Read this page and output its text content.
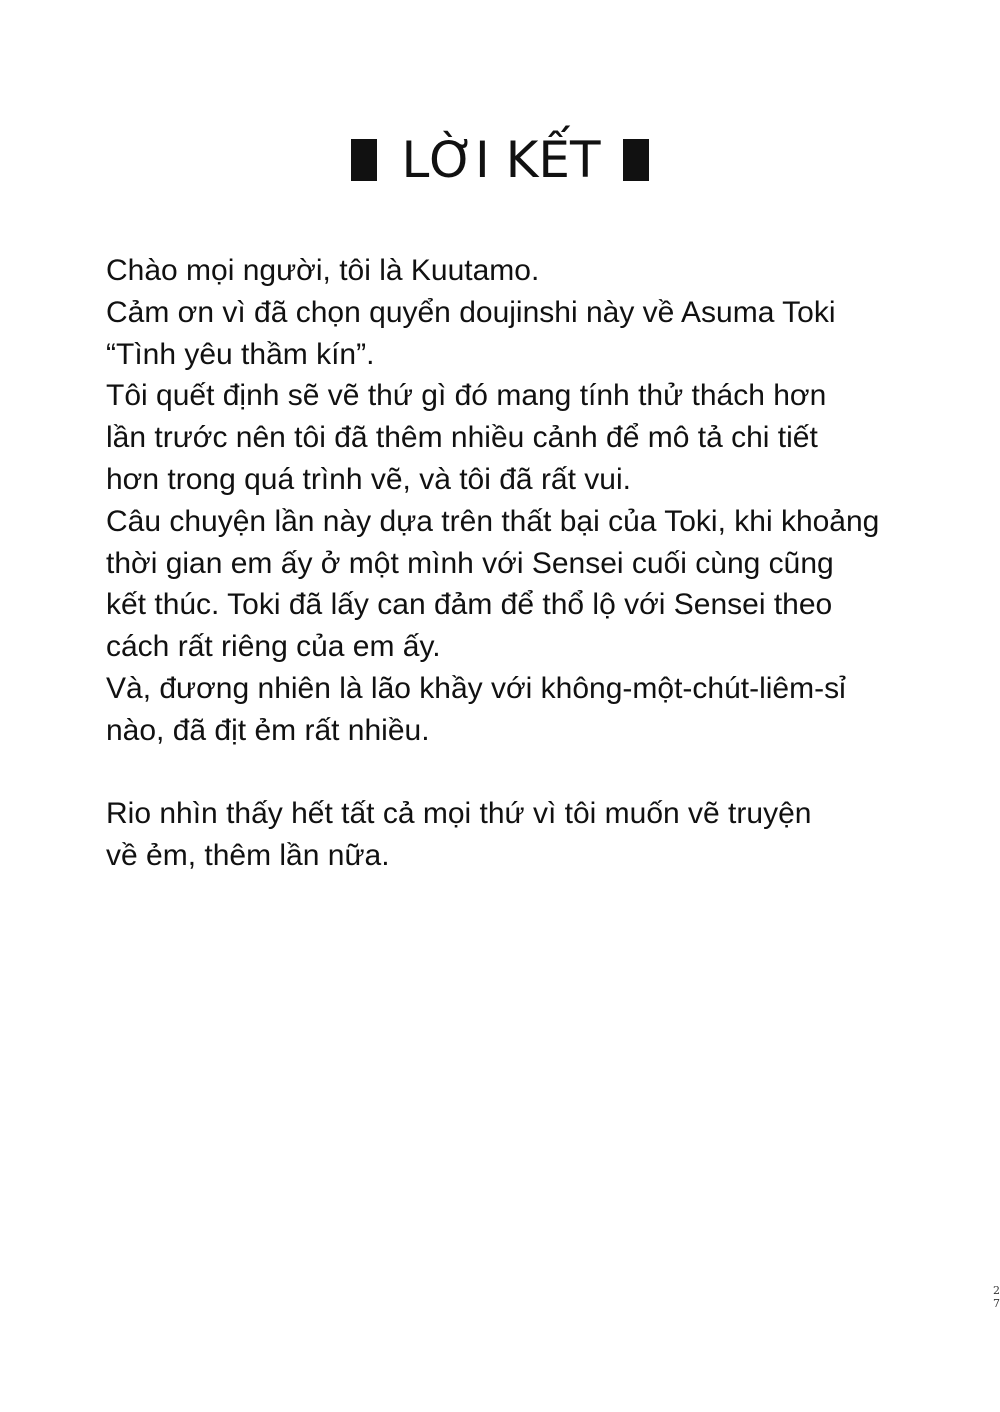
LỜI KẾT
Chào mọi người, tôi là Kuutamo.
Cảm ơn vì đã chọn quyển doujinshi này về Asuma Toki
“Tình yêu thầm kín”.
Tôi quết định sẽ vẽ thứ gì đó mang tính thử thách hơn
lần trước nên tôi đã thêm nhiều cảnh để mô tả chi tiết
hơn trong quá trình vẽ, và tôi đã rất vui.
Câu chuyện lần này dựa trên thất bại của Toki, khi khoảng
thời gian em ấy ở một mình với Sensei cuối cùng cũng
kết thúc. Toki đã lấy can đảm để thổ lộ với Sensei theo
cách rất riêng của em ấy.
Và, đương nhiên là lão khầy với không-một-chút-liêm-sỉ
nào, đã địt ẻm rất nhiều.
Rio nhìn thấy hết tất cả mọi thứ vì tôi muốn vẽ truyện
về ẻm, thêm lần nữa.
2
7
